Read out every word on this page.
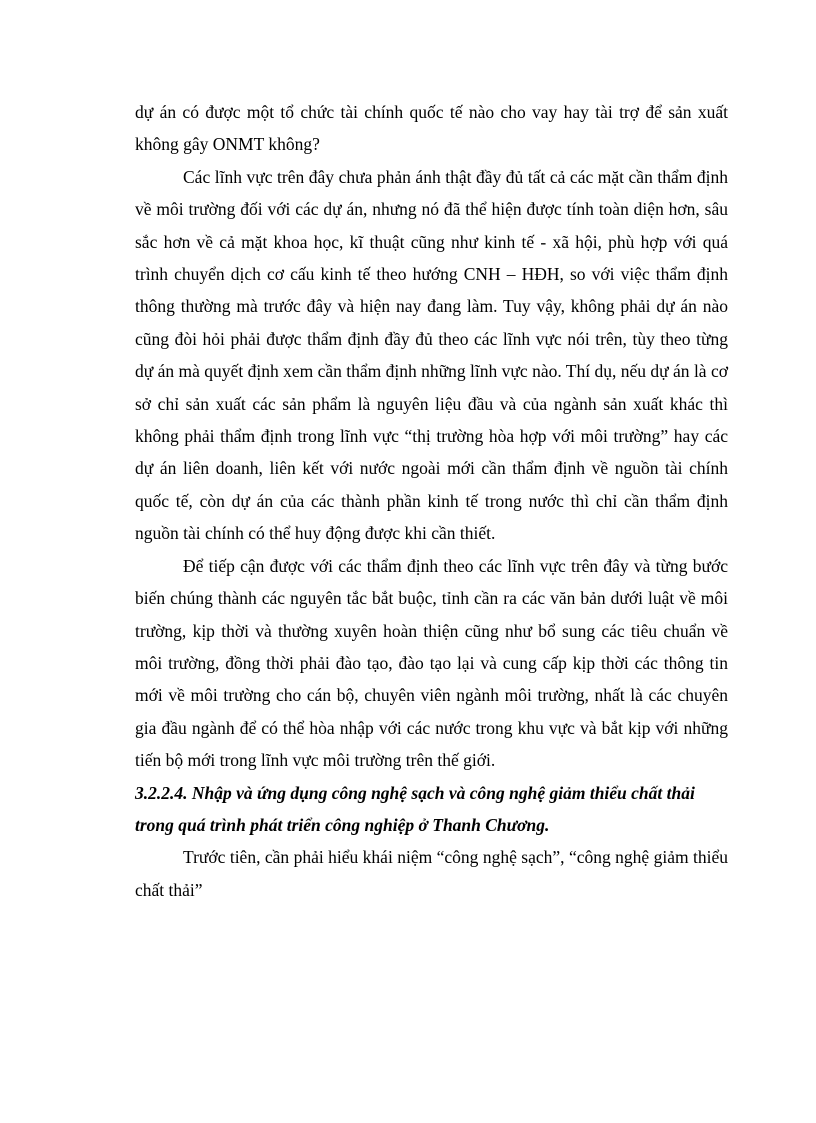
dự án có được một tổ chức tài chính quốc tế nào cho vay hay tài trợ để sản xuất không gây ONMT không?

Các lĩnh vực trên đây chưa phản ánh thật đầy đủ tất cả các mặt cần thẩm định về môi trường đối với các dự án, nhưng nó đã thể hiện được tính toàn diện hơn, sâu sắc hơn về cả mặt khoa học, kĩ thuật cũng như kinh tế - xã hội, phù hợp với quá trình chuyển dịch cơ cấu kinh tế theo hướng CNH – HĐH, so với việc thẩm định thông thường mà trước đây và hiện nay đang làm. Tuy vậy, không phải dự án nào cũng đòi hỏi phải được thẩm định đầy đủ theo các lĩnh vực nói trên, tùy theo từng dự án mà quyết định xem cần thẩm định những lĩnh vực nào. Thí dụ, nếu dự án là cơ sở chỉ sản xuất các sản phẩm là nguyên liệu đầu và của ngành sản xuất khác thì không phải thẩm định trong lĩnh vực “thị trường hòa hợp với môi trường” hay các dự án liên doanh, liên kết với nước ngoài mới cần thẩm định về nguồn tài chính quốc tế, còn dự án của các thành phần kinh tế trong nước thì chỉ cần thẩm định nguồn tài chính có thể huy động được khi cần thiết.

Để tiếp cận được với các thẩm định theo các lĩnh vực trên đây và từng bước biến chúng thành các nguyên tắc bắt buộc, tỉnh cần ra các văn bản dưới luật về môi trường, kịp thời và thường xuyên hoàn thiện cũng như bổ sung các tiêu chuẩn về môi trường, đồng thời phải đào tạo, đào tạo lại và cung cấp kịp thời các thông tin mới về môi trường cho cán bộ, chuyên viên ngành môi trường, nhất là các chuyên gia đầu ngành để có thể hòa nhập với các nước trong khu vực và bắt kịp với những tiến bộ mới trong lĩnh vực môi trường trên thế giới.

3.2.2.4. Nhập và ứng dụng công nghệ sạch và công nghệ giảm thiểu chất thải trong quá trình phát triển công nghiệp ở Thanh Chương.

Trước tiên, cần phải hiểu khái niệm “công nghệ sạch”, “công nghệ giảm thiểu chất thải”
